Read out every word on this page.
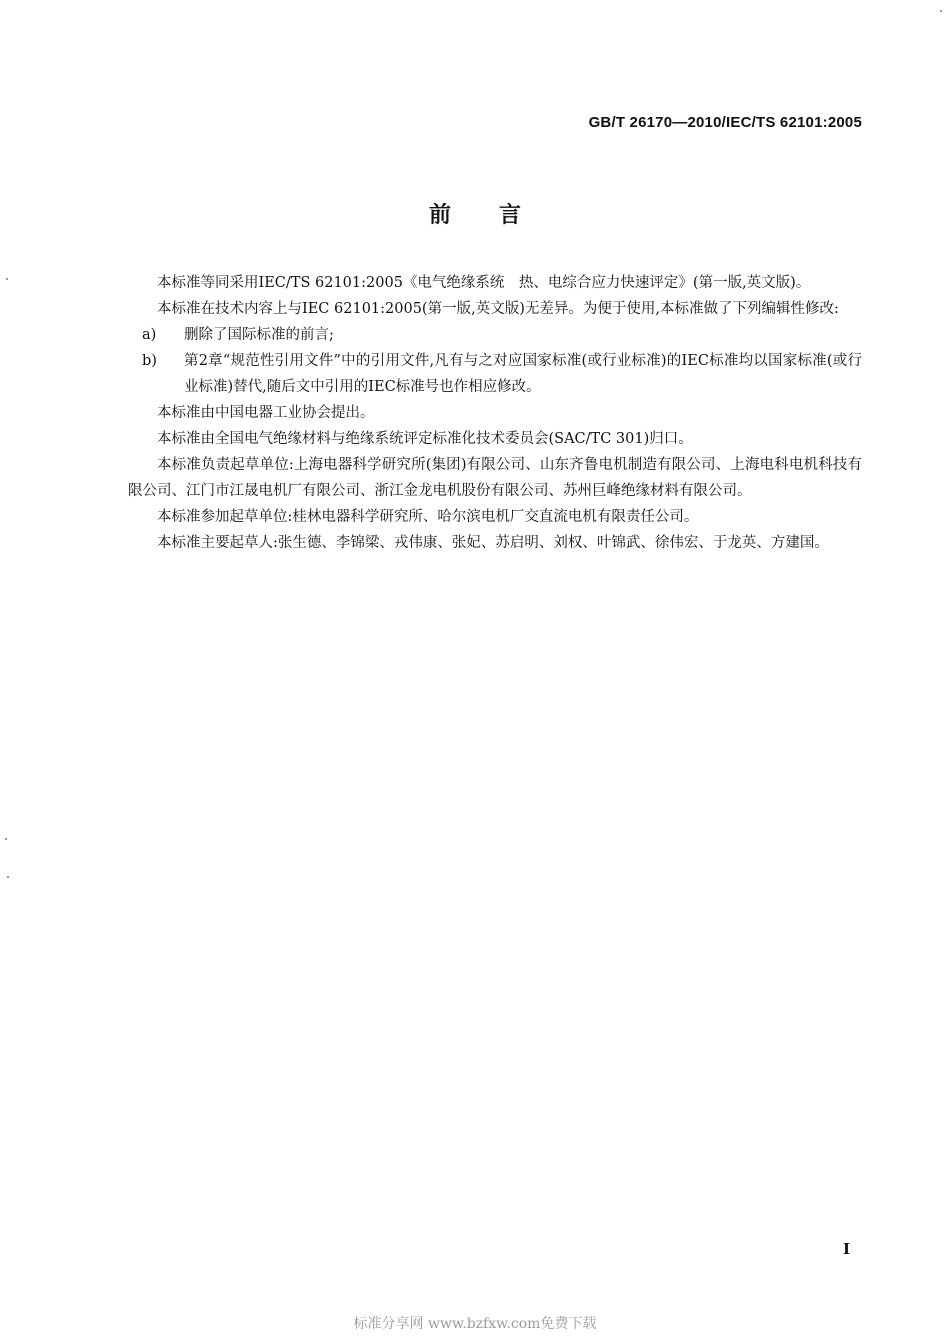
GB/T 26170—2010/IEC/TS 62101:2005
前言

本标准等同采用IEC/TS 62101:2005《电气绝缘系统　热、电综合应力快速评定》(第一版,英文版)。

本标准在技术内容上与IEC 62101:2005(第一版,英文版)无差异。为便于使用,本标准做了下列编辑性修改:

a) 删除了国际标准的前言;

b) 第2章“规范性引用文件”中的引用文件,凡有与之对应国家标准(或行业标准)的IEC标准均以国家标准(或行业标准)替代,随后文中引用的IEC标准号也作相应修改。

本标准由中国电器工业协会提出。

本标准由全国电气绝缘材料与绝缘系统评定标准化技术委员会(SAC/TC 301)归口。

本标准负责起草单位:上海电器科学研究所(集团)有限公司、山东齐鲁电机制造有限公司、上海电科电机科技有限公司、江门市江晟电机厂有限公司、浙江金龙电机股份有限公司、苏州巨峰绝缘材料有限公司。

本标准参加起草单位:桂林电器科学研究所、哈尔滨电机厂交直流电机有限责任公司。

本标准主要起草人:张生德、李锦梁、戎伟康、张妃、苏启明、刘权、叶锦武、徐伟宏、于龙英、方建国。

I
标准分享网 www.bzfxw.com免费下载
